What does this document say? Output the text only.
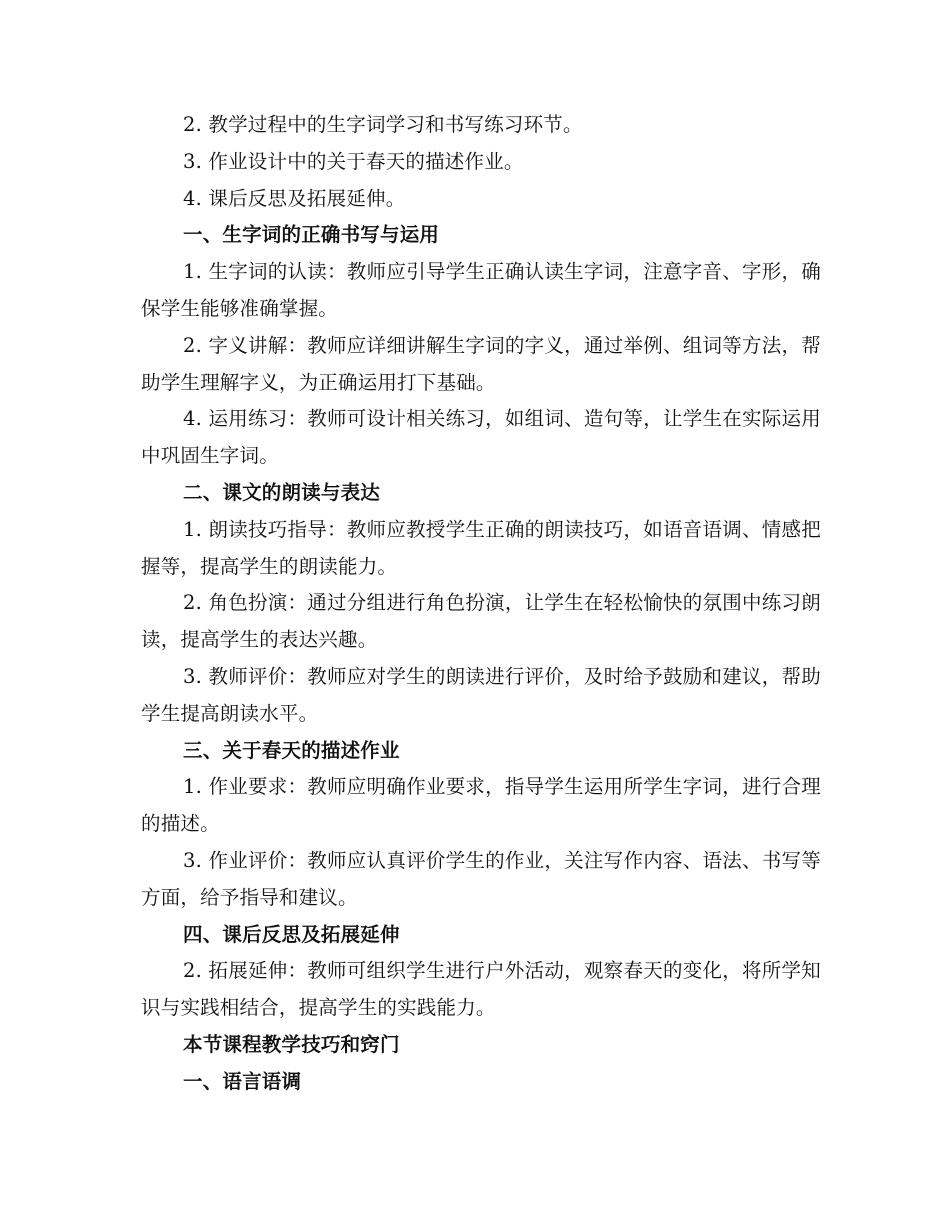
2. 教学过程中的生字词学习和书写练习环节。

3. 作业设计中的关于春天的描述作业。

4. 课后反思及拓展延伸。

一、生字词的正确书写与运用

1. 生字词的认读：教师应引导学生正确认读生字词，注意字音、字形，确保学生能够准确掌握。

2. 字义讲解：教师应详细讲解生字词的字义，通过举例、组词等方法，帮助学生理解字义，为正确运用打下基础。

4. 运用练习：教师可设计相关练习，如组词、造句等，让学生在实际运用中巩固生字词。

二、课文的朗读与表达

1. 朗读技巧指导：教师应教授学生正确的朗读技巧，如语音语调、情感把握等，提高学生的朗读能力。

2. 角色扮演：通过分组进行角色扮演，让学生在轻松愉快的氛围中练习朗读，提高学生的表达兴趣。

3. 教师评价：教师应对学生的朗读进行评价，及时给予鼓励和建议，帮助学生提高朗读水平。

三、关于春天的描述作业

1. 作业要求：教师应明确作业要求，指导学生运用所学生字词，进行合理的描述。

3. 作业评价：教师应认真评价学生的作业，关注写作内容、语法、书写等方面，给予指导和建议。

四、课后反思及拓展延伸

2. 拓展延伸：教师可组织学生进行户外活动，观察春天的变化，将所学知识与实践相结合，提高学生的实践能力。

本节课程教学技巧和窍门

一、语言语调
